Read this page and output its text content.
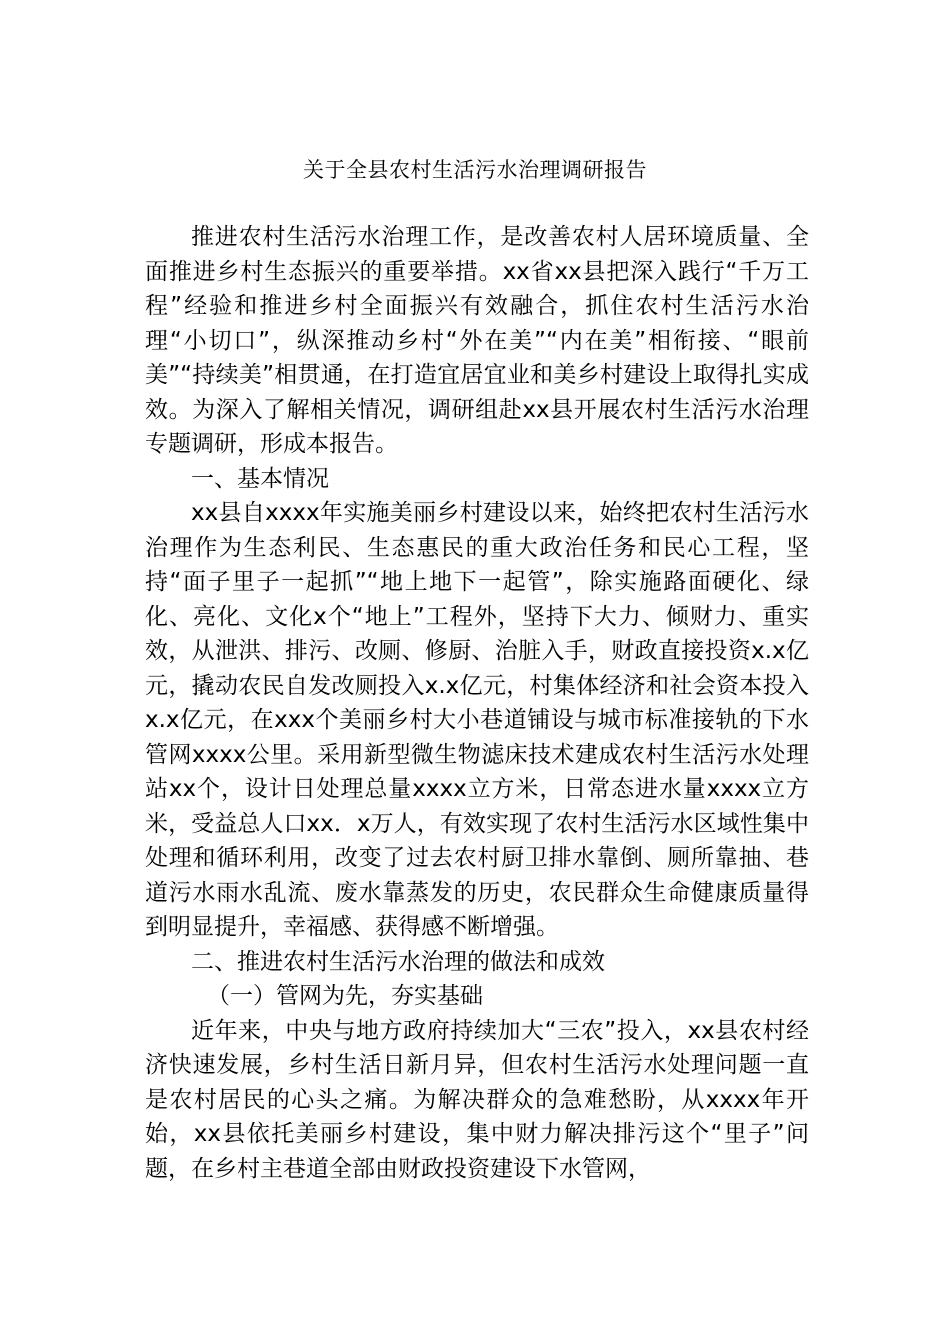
关于全县农村生活污水治理调研报告

推进农村生活污水治理工作，是改善农村人居环境质量、全面推进乡村生态振兴的重要举措。xx省xx县把深入践行“千万工程”经验和推进乡村全面振兴有效融合，抓住农村生活污水治理“小切口”，纵深推动乡村“外在美”“内在美”相衔接、“眼前美”“持续美”相贯通，在打造宜居宜业和美乡村建设上取得扎实成效。为深入了解相关情况，调研组赴xx县开展农村生活污水治理专题调研，形成本报告。

一、基本情况

xx县自xxxx年实施美丽乡村建设以来，始终把农村生活污水治理作为生态利民、生态惠民的重大政治任务和民心工程，坚持“面子里子一起抓”“地上地下一起管”，除实施路面硬化、绿化、亮化、文化x个“地上”工程外，坚持下大力、倾财力、重实效，从泄洪、排污、改厕、修厨、治脏入手，财政直接投资x.x亿元，撬动农民自发改厕投入x.x亿元，村集体经济和社会资本投入x.x亿元，在xxx个美丽乡村大小巷道铺设与城市标准接轨的下水管网xxxx公里。采用新型微生物滤床技术建成农村生活污水处理站xx个，设计日处理总量xxxx立方米，日常态进水量xxxx立方米，受益总人口xx．x万人，有效实现了农村生活污水区域性集中处理和循环利用，改变了过去农村厨卫排水靠倒、厕所靠抽、巷道污水雨水乱流、废水靠蒸发的历史，农民群众生命健康质量得到明显提升，幸福感、获得感不断增强。

二、推进农村生活污水治理的做法和成效

（一）管网为先，夯实基础

近年来，中央与地方政府持续加大“三农”投入，xx县农村经济快速发展，乡村生活日新月异，但农村生活污水处理问题一直是农村居民的心头之痛。为解决群众的急难愁盼，从xxxx年开始，xx县依托美丽乡村建设，集中财力解决排污这个“里子”问题，在乡村主巷道全部由财政投资建设下水管网，
